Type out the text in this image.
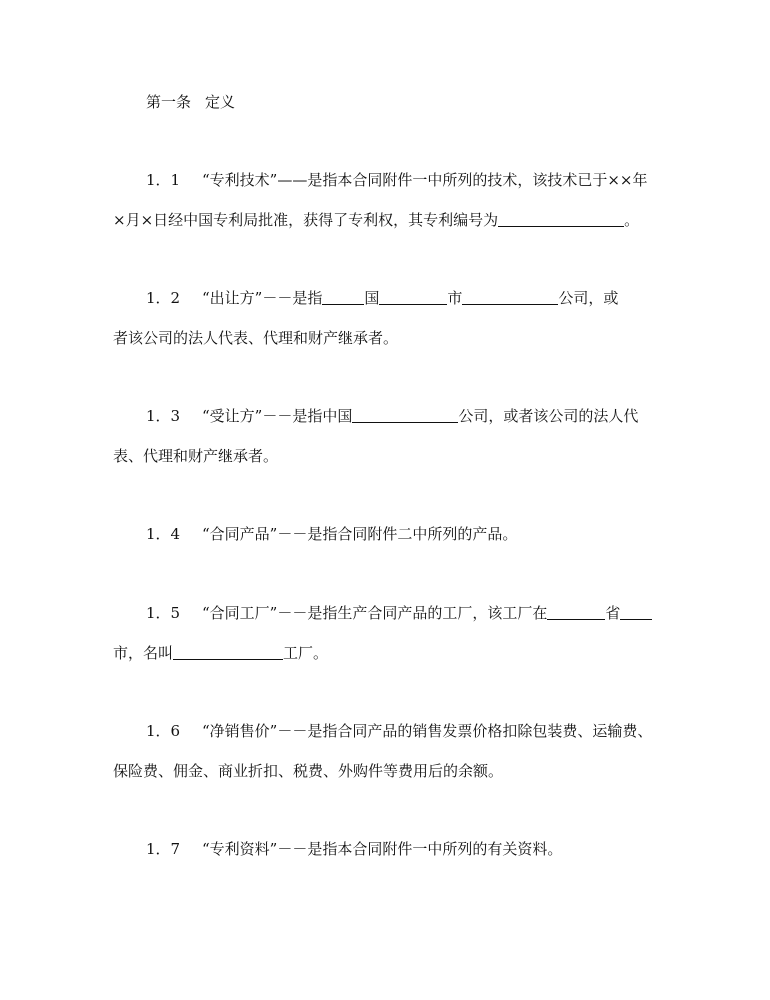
第一条 定义
1．1 “专利技术”——是指本合同附件一中所列的技术，该技术已于××年
×月×日经中国专利局批准，获得了专利权，其专利编号为	。
1．2 “出让方”－－是指	国	市	公司，或
者该公司的法人代表、代理和财产继承者。
1．3 “受让方”－－是指中国	公司，或者该公司的法人代
表、代理和财产继承者。
1．4 “合同产品”－－是指合同附件二中所列的产品。
1．5 “合同工厂”－－是指生产合同产品的工厂，该工厂在	省
市，名叫	工厂。
1．6 “净销售价”－－是指合同产品的销售发票价格扣除包装费、运输费、
保险费、佣金、商业折扣、税费、外购件等费用后的余额。
1．7 “专利资料”－－是指本合同附件一中所列的有关资料。
